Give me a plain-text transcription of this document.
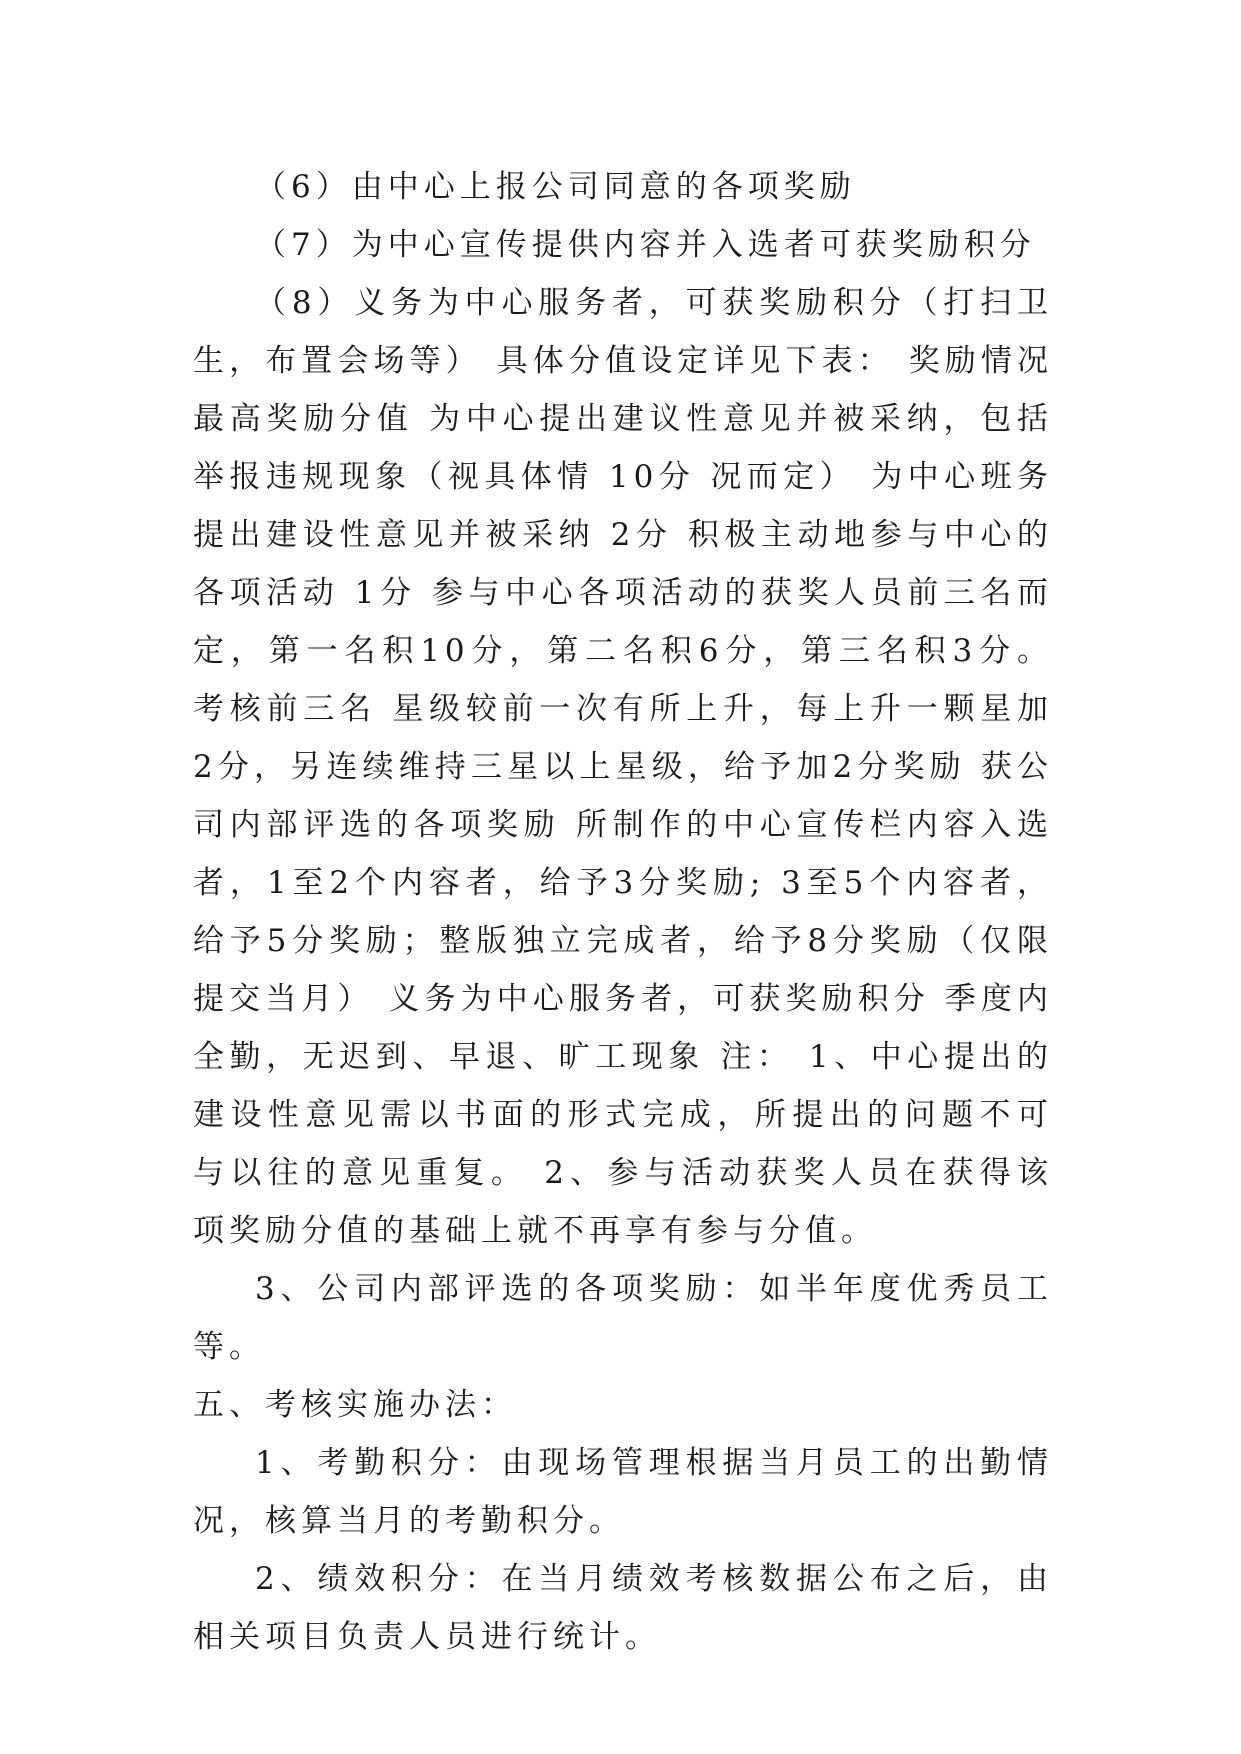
（6）由中心上报公司同意的各项奖励

（7）为中心宣传提供内容并入选者可获奖励积分

（8）义务为中心服务者，可获奖励积分（打扫卫生，布置会场等） 具体分值设定详见下表： 奖励情况 最高奖励分值 为中心提出建议性意见并被采纳，包括举报违规现象（视具体情 10分 况而定） 为中心班务提出建设性意见并被采纳 2分 积极主动地参与中心的各项活动 1分 参与中心各项活动的获奖人员前三名而定，第一名积10分，第二名积6分，第三名积3分。 考核前三名 星级较前一次有所上升，每上升一颗星加2分，另连续维持三星以上星级，给予加2分奖励 获公司内部评选的各项奖励 所制作的中心宣传栏内容入选者，1至2个内容者，给予3分奖励; 3至5个内容者，给予5分奖励；整版独立完成者，给予8分奖励（仅限提交当月） 义务为中心服务者，可获奖励积分 季度内全勤，无迟到、早退、旷工现象 注： 1、中心提出的建设性意见需以书面的形式完成，所提出的问题不可与以往的意见重复。 2、参与活动获奖人员在获得该项奖励分值的基础上就不再享有参与分值。

3、公司内部评选的各项奖励：如半年度优秀员工等。

五、考核实施办法：

1、考勤积分：由现场管理根据当月员工的出勤情况，核算当月的考勤积分。

2、绩效积分：在当月绩效考核数据公布之后，由相关项目负责人员进行统计。
